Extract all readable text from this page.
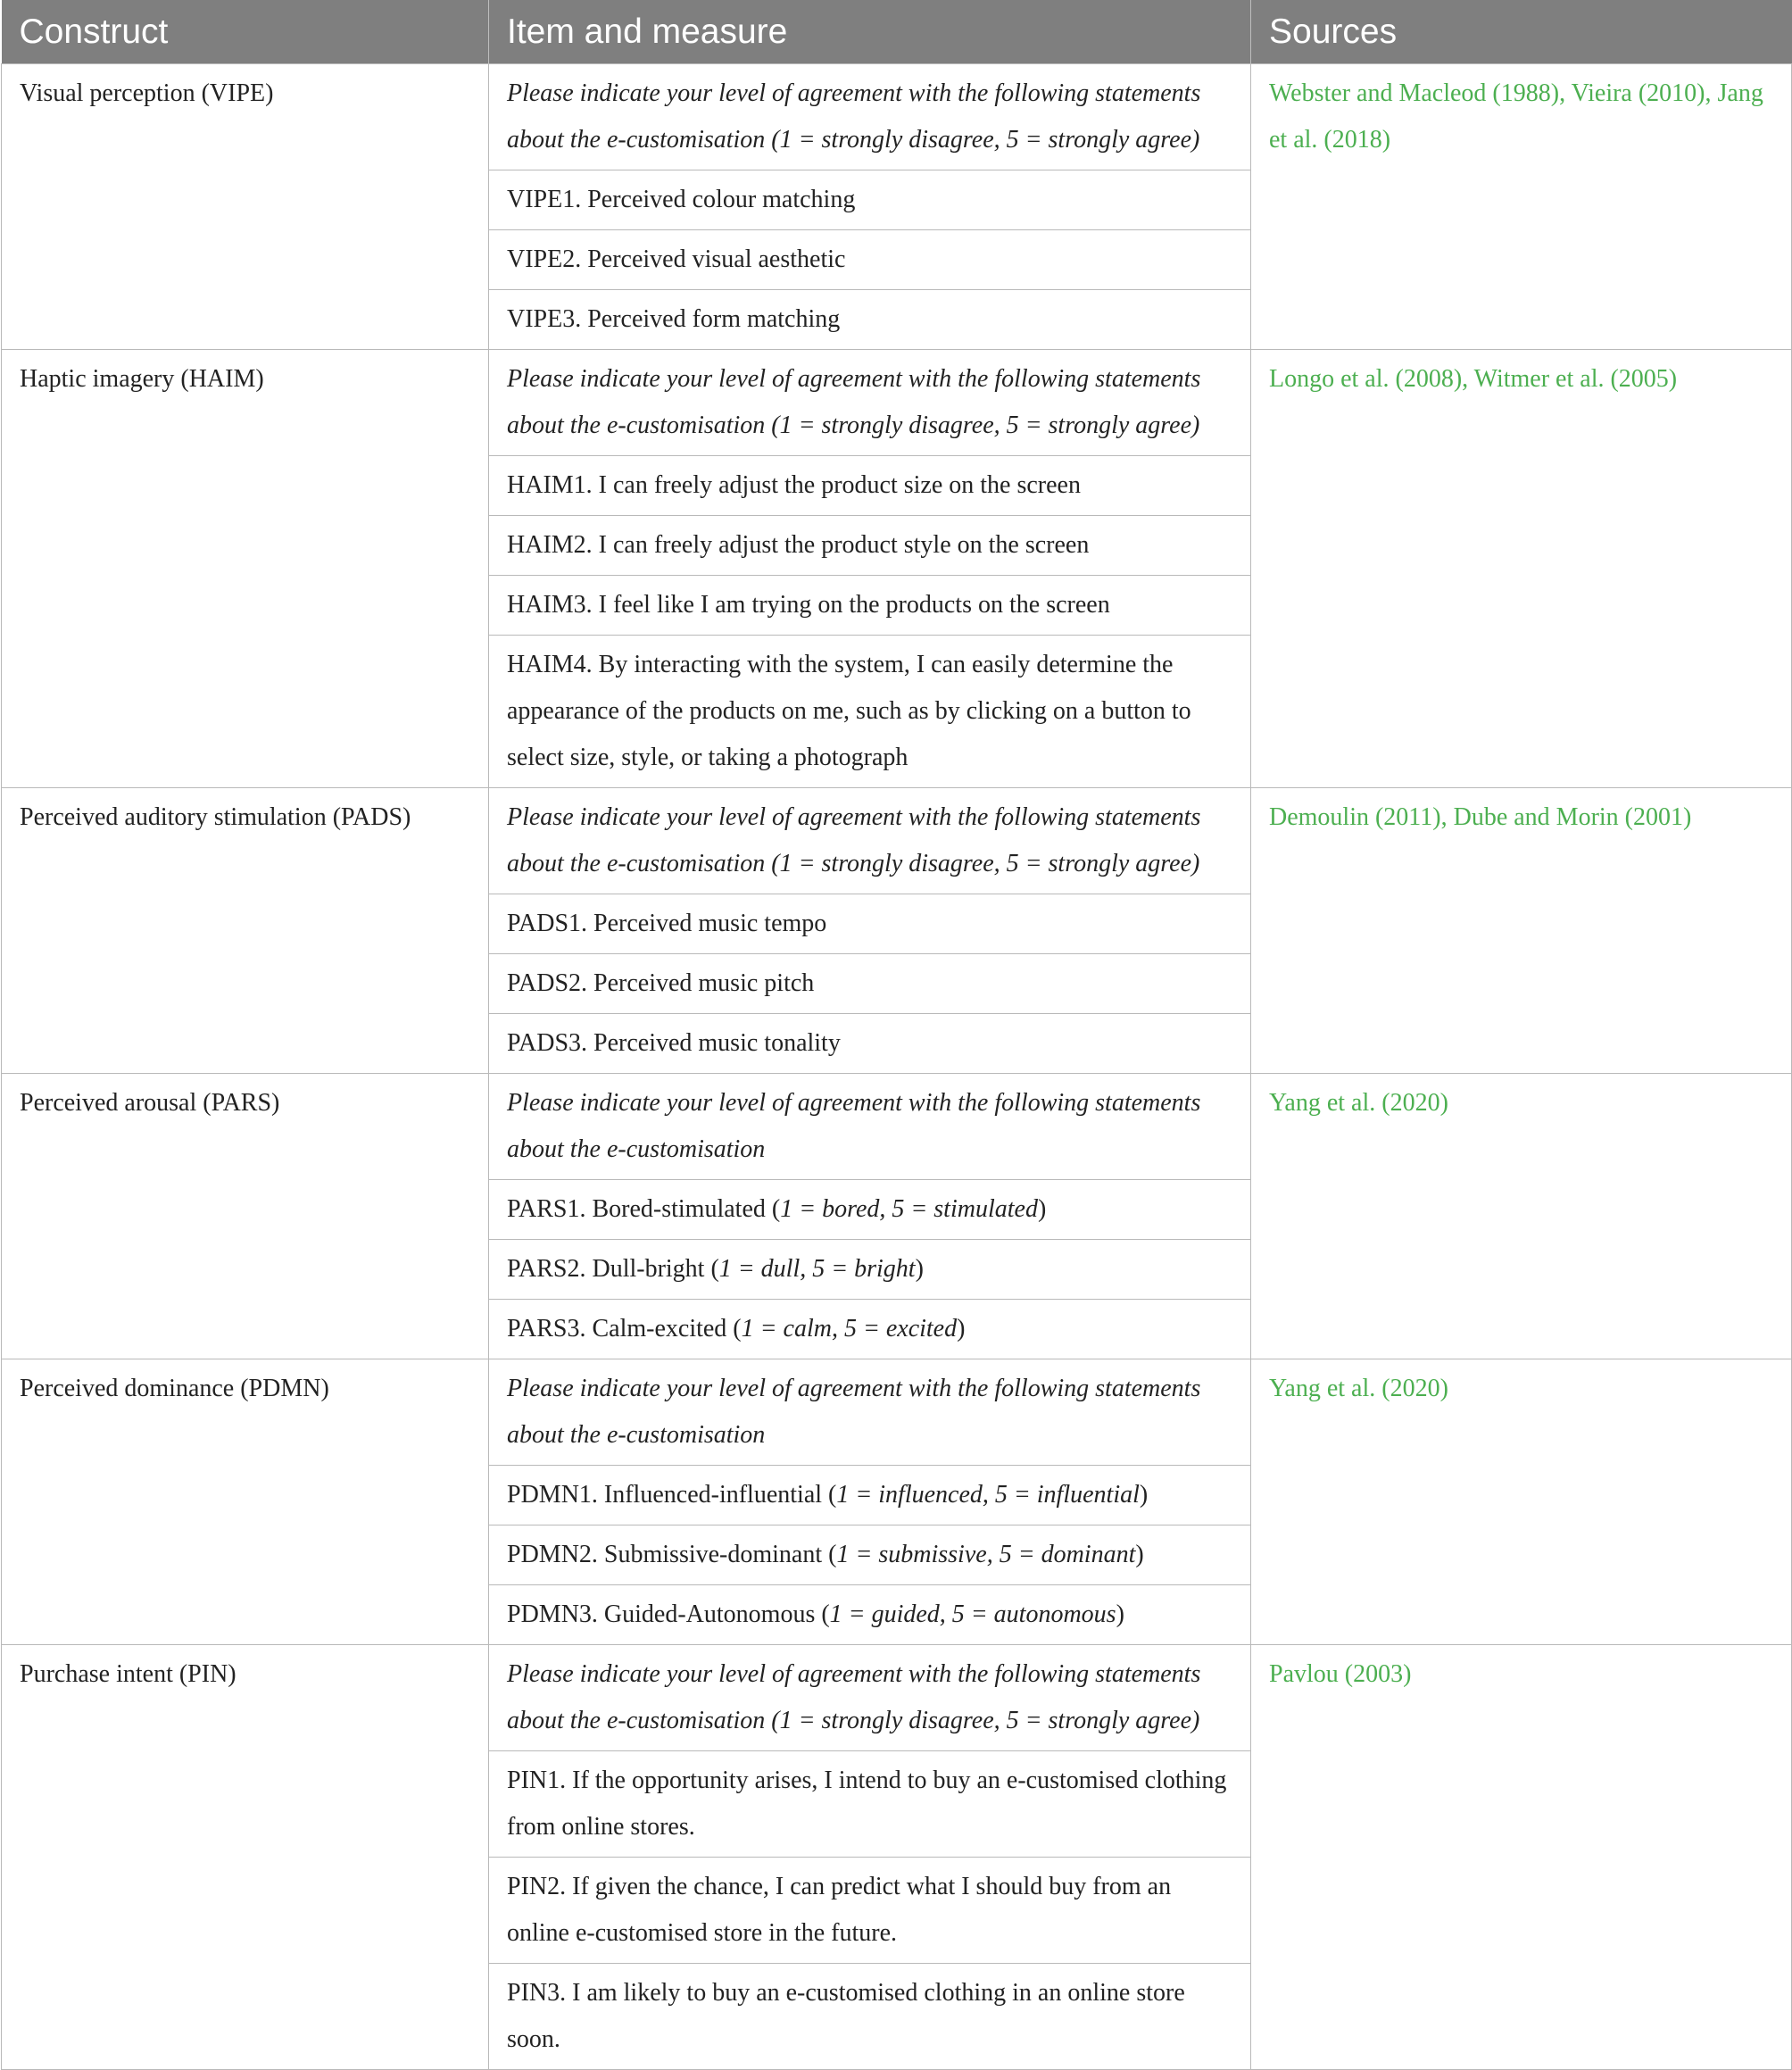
Construct	Item and measure	Sources
Visual perception (VIPE)	Please indicate your level of agreement with the following statements about the e-customisation (1 = strongly disagree, 5 = strongly agree)	Webster and Macleod (1988), Vieira (2010), Jang et al. (2018)
	VIPE1. Perceived colour matching	
	VIPE2. Perceived visual aesthetic	
	VIPE3. Perceived form matching	
Haptic imagery (HAIM)	Please indicate your level of agreement with the following statements about the e-customisation (1 = strongly disagree, 5 = strongly agree)	Longo et al. (2008), Witmer et al. (2005)
	HAIM1. I can freely adjust the product size on the screen	
	HAIM2. I can freely adjust the product style on the screen	
	HAIM3. I feel like I am trying on the products on the screen	
	HAIM4. By interacting with the system, I can easily determine the appearance of the products on me, such as by clicking on a button to select size, style, or taking a photograph	
Perceived auditory stimulation (PADS)	Please indicate your level of agreement with the following statements about the e-customisation (1 = strongly disagree, 5 = strongly agree)	Demoulin (2011), Dube and Morin (2001)
	PADS1. Perceived music tempo	
	PADS2. Perceived music pitch	
	PADS3. Perceived music tonality	
Perceived arousal (PARS)	Please indicate your level of agreement with the following statements about the e-customisation	Yang et al. (2020)
	PARS1. Bored-stimulated (1 = bored, 5 = stimulated)	
	PARS2. Dull-bright (1 = dull, 5 = bright)	
	PARS3. Calm-excited (1 = calm, 5 = excited)	
Perceived dominance (PDMN)	Please indicate your level of agreement with the following statements about the e-customisation	Yang et al. (2020)
	PDMN1. Influenced-influential (1 = influenced, 5 = influential)	
	PDMN2. Submissive-dominant (1 = submissive, 5 = dominant)	
	PDMN3. Guided-Autonomous (1 = guided, 5 = autonomous)	
Purchase intent (PIN)	Please indicate your level of agreement with the following statements about the e-customisation (1 = strongly disagree, 5 = strongly agree)	Pavlou (2003)
	PIN1. If the opportunity arises, I intend to buy an e-customised clothing from online stores.	
	PIN2. If given the chance, I can predict what I should buy from an online e-customised store in the future.	
	PIN3. I am likely to buy an e-customised clothing in an online store soon.	
